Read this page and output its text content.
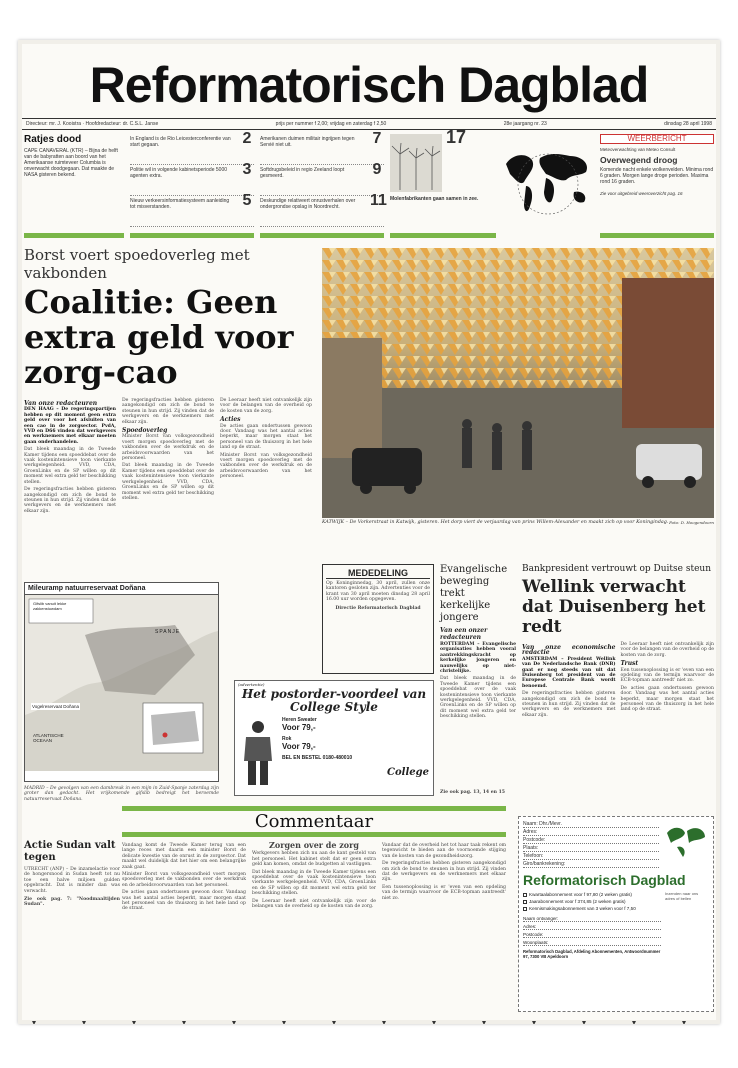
Reformatorisch Dagblad
Directeur: mr. J. Kooistra · Hoofdredacteur: dr. C.S.L. Janse	prijs per nummer f 2,00; vrijdag en zaterdag f 2,50	28e jaargang nr. 23	dinsdag 28 april 1998
Ratjes dood
CAPE CANAVERAL (KTR) – Bijna de helft van de babyratten aan boord van het Amerikaanse ruimteveer Columbia is onverwacht doodgegaan. Dat maakte de NASA gisteren bekend.
In England is de Rio Leicesterconferentie van start gegaan.	2
Politie wil in volgende kabinetsperiode 5000 agenten extra.	3
Nieuw verkeersinformatiesysteem aanleiding tot misverstanden.	5
Amerikanen duimen militair ingrijpen tegen Servië niet uit.	7
Softdrugsbeleid in regio Zeeland loopt gesmeerd.	9
Deskundige relativeert onrustverhalen over ondergrondse opslag in Noordrecht.	11
17
Molenfabrikanten gaan samen in zee.
WEERBERICHT
Meteoverwachting van Meteo Consult
Overwegend droog
Komende nacht enkele wolkenvelden. Minima rond 6 graden. Morgen lange droge perioden. Maxima rond 16 graden.
Zie voor uitgebreid weeroverzicht pag. 16
Borst voert spoedoverleg met vakbonden
Coalitie: Geen extra geld voor zorg-cao
Van onze redacteuren

DEN HAAG – De regeringspartijen hebben op dit moment geen extra geld over voor het afsluiten van een cao in de zorgsector. PvdA, VVD en D66 vinden dat werkgevers en werknemers met elkaar moeten gaan onderhandelen.

Dat bleek maandag in de Tweede Kamer tijdens een spoeddebat over de vaak kostenintensieve toon vierkante werkgelegenheid. VVD, CDA, GroenLinks en de SP willen op dit moment wel extra geld ter beschikking stellen.

De regeringsfracties hebben gisteren aangekondigd om zich de bond te steunen in hun strijd. Zij vinden dat de werkgevers en de werknemers met elkaar zijn.

De regeringsfracties hebben gisteren aangekondigd om zich de bond te steunen in hun strijd. Zij vinden dat de werkgevers en de werknemers met elkaar zijn.

Spoedoverleg

Minister Borst van volksgezondheid voert morgen spoedoverleg met de vakbonden over de werkdruk en de arbeidsvoorwaarden van het personeel.

Dat bleek maandag in de Tweede Kamer tijdens een spoeddebat over de vaak kostenintensieve toon vierkante werkgelegenheid. VVD, CDA, GroenLinks en de SP willen op dit moment wel extra geld ter beschikking stellen.

De Leeraar heeft niet ontvankelijk zijn voor de belangen van de overheid op de kosten van de zorg.

Acties

De acties gaan ondertussen gewoon door. Vandaag was het aantal acties beperkt, maar morgen staat het personeel van de thuiszorg in het hele land op de straat.

Minister Borst van volksgezondheid voert morgen spoedoverleg met de vakbonden over de werkdruk en de arbeidsvoorwaarden van het personeel.

KATWIJK – De Vorkerstraat in Katwijk, gisteren. Het dorp viert de verjaardag van prins Willem-Alexander en maakt zich op voor Koningindag. Foto: D. Hoogendoorn
Mileuramp natuurreservaat Doñana
Gifslib vanuit lekke zakkenstuwdam
SPANJE
ATLANTISCHE OCEAAN
Vogelreservaat Doñana
MADRID – De gevolgen van een dambreuk in een mijn in Zuid-Spanje zaterdag zijn groter dan gedacht. Het vrijkomende gifslib bedreigt het beroemde natuurreservaat Doñana.
Actie Sudan valt tegen
UTRECHT (ANP) – De inzamelactie voor de hongersnood in Sudan heeft tot nu toe een halve miljoen gulden opgebracht. Dat is minder dan was verwacht.
Zie ook pag. 7: "Noodmaaltijden Sudan".
MEDEDELING
Op Koninginnedag, 30 april, zullen onze kantoren gesloten zijn. Advertenties voor de krant van 30 april moeten dinsdag 28 april 16.00 uur worden opgegeven.
Directie Reformatorisch Dagblad
Evangelische beweging trekt kerkelijke jongere
Van een onzer redacteuren
ROTTERDAM – Evangelische organisaties hebben vooral aantrekkingskracht op kerkelijke jongeren en nauwelijks op niet-christelijke.
Dat bleek maandag in de Tweede Kamer tijdens een spoeddebat over de vaak kostenintensieve toon vierkante werkgelegenheid. VVD, CDA, GroenLinks en de SP willen op dit moment wel extra geld ter beschikking stellen.
Zie ook pag. 13, 14 en 15
(advertentie)
Het postorder-voordeel van College Style
Heren Sweater
Voor 79,-
Rok
Voor 79,-
BEL EN BESTEL 0180-480010
College
Bankpresident vertrouwt op Duitse steun
Wellink verwacht dat Duisenberg het redt
Van onze economische redactie

AMSTERDAM – President Wellink van De Nederlandsche Bank (DNB) gaat er nog steeds van uit dat Duisenberg tot president van de Europese Centrale Bank wordt benoemd.

De regeringsfracties hebben gisteren aangekondigd om zich de bond te steunen in hun strijd. Zij vinden dat de werkgevers en de werknemers met elkaar zijn.

De Leeraar heeft niet ontvankelijk zijn voor de belangen van de overheid op de kosten van de zorg.

Trust

Een tussenoplossing is er 'even van een opdeling van de termijn waarvoor de ECB-topman aantreedt' niet zo.

De acties gaan ondertussen gewoon door. Vandaag was het aantal acties beperkt, maar morgen staat het personeel van de thuiszorg in het hele land op de straat.

Commentaar

Vandaag komt de Tweede Kamer terug van een lange reces met daarin een minister Borst de delicate kwestie van de onrust in de zorgsector. Dat maakt wel duidelijk dat het hier om een belangrijke zaak gaat.

Minister Borst van volksgezondheid voert morgen spoedoverleg met de vakbonden over de werkdruk en de arbeidsvoorwaarden van het personeel.

De acties gaan ondertussen gewoon door. Vandaag was het aantal acties beperkt, maar morgen staat het personeel van de thuiszorg in het hele land op de straat.

Zorgen over de zorg

Werkgevers hebben zich nu aan de kant gesteld van het personeel. Het kabinet stelt dat er geen extra geld kan komen, omdat de budgetten al vastliggen.

Dat bleek maandag in de Tweede Kamer tijdens een spoeddebat over de vaak kostenintensieve toon vierkante werkgelegenheid. VVD, CDA, GroenLinks en de SP willen op dit moment wel extra geld ter beschikking stellen.

De Leeraar heeft niet ontvankelijk zijn voor de belangen van de overheid op de kosten van de zorg.

Vandaar dat de overheid het tot haar taak rekent om tegenwicht te bieden aan de voornoemde stijging van de kosten van de gezondheidszorg.

De regeringsfracties hebben gisteren aangekondigd om zich de bond te steunen in hun strijd. Zij vinden dat de werkgevers en de werknemers met elkaar zijn.

Een tussenoplossing is er 'even van een opdeling van de termijn waarvoor de ECB-topman aantreedt' niet zo.

Naam: Dhr./Mevr.
Adres:
Postcode:
Plaats:
Telefoon:
Giro/bankrekening:
Reformatorisch Dagblad
Kwartaalabonnement voor f 97,80 (2 weken gratis)
Jaarabonnement voor f 374,85 (2 weken gratis)
Kennismakingsabonnement van 3 weken voor f 7,50
Naam ontvanger:
Adres:
Postcode:
Woonplaats:
Reformatorisch Dagblad, Afdeling Abonnementen, Antwoordnummer 97, 7300 VB Apeldoorn
Inzenden naar ons adres of bellen
